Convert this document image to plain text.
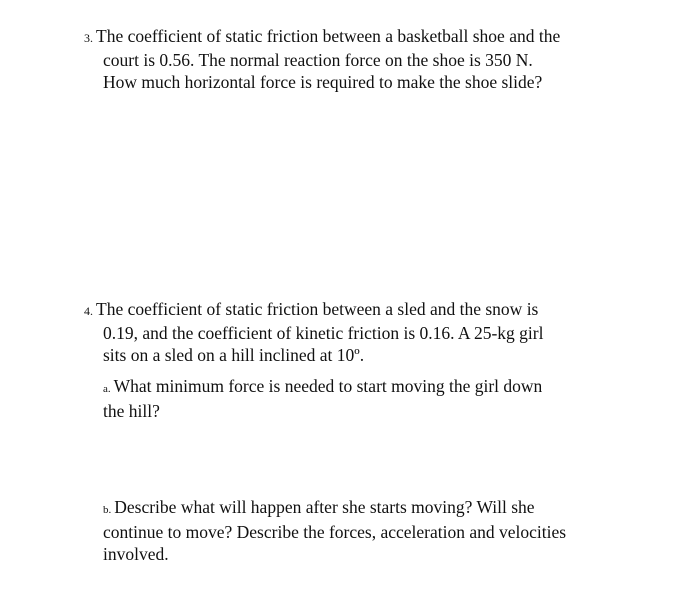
3. The coefficient of static friction between a basketball shoe and the
court is 0.56. The normal reaction force on the shoe is 350 N.
How much horizontal force is required to make the shoe slide?
4. The coefficient of static friction between a sled and the snow is
0.19, and the coefficient of kinetic friction is 0.16. A 25-kg girl
sits on a sled on a hill inclined at 10º.
a. What minimum force is needed to start moving the girl down
the hill?
b. Describe what will happen after she starts moving? Will she
continue to move? Describe the forces, acceleration and velocities
involved.
